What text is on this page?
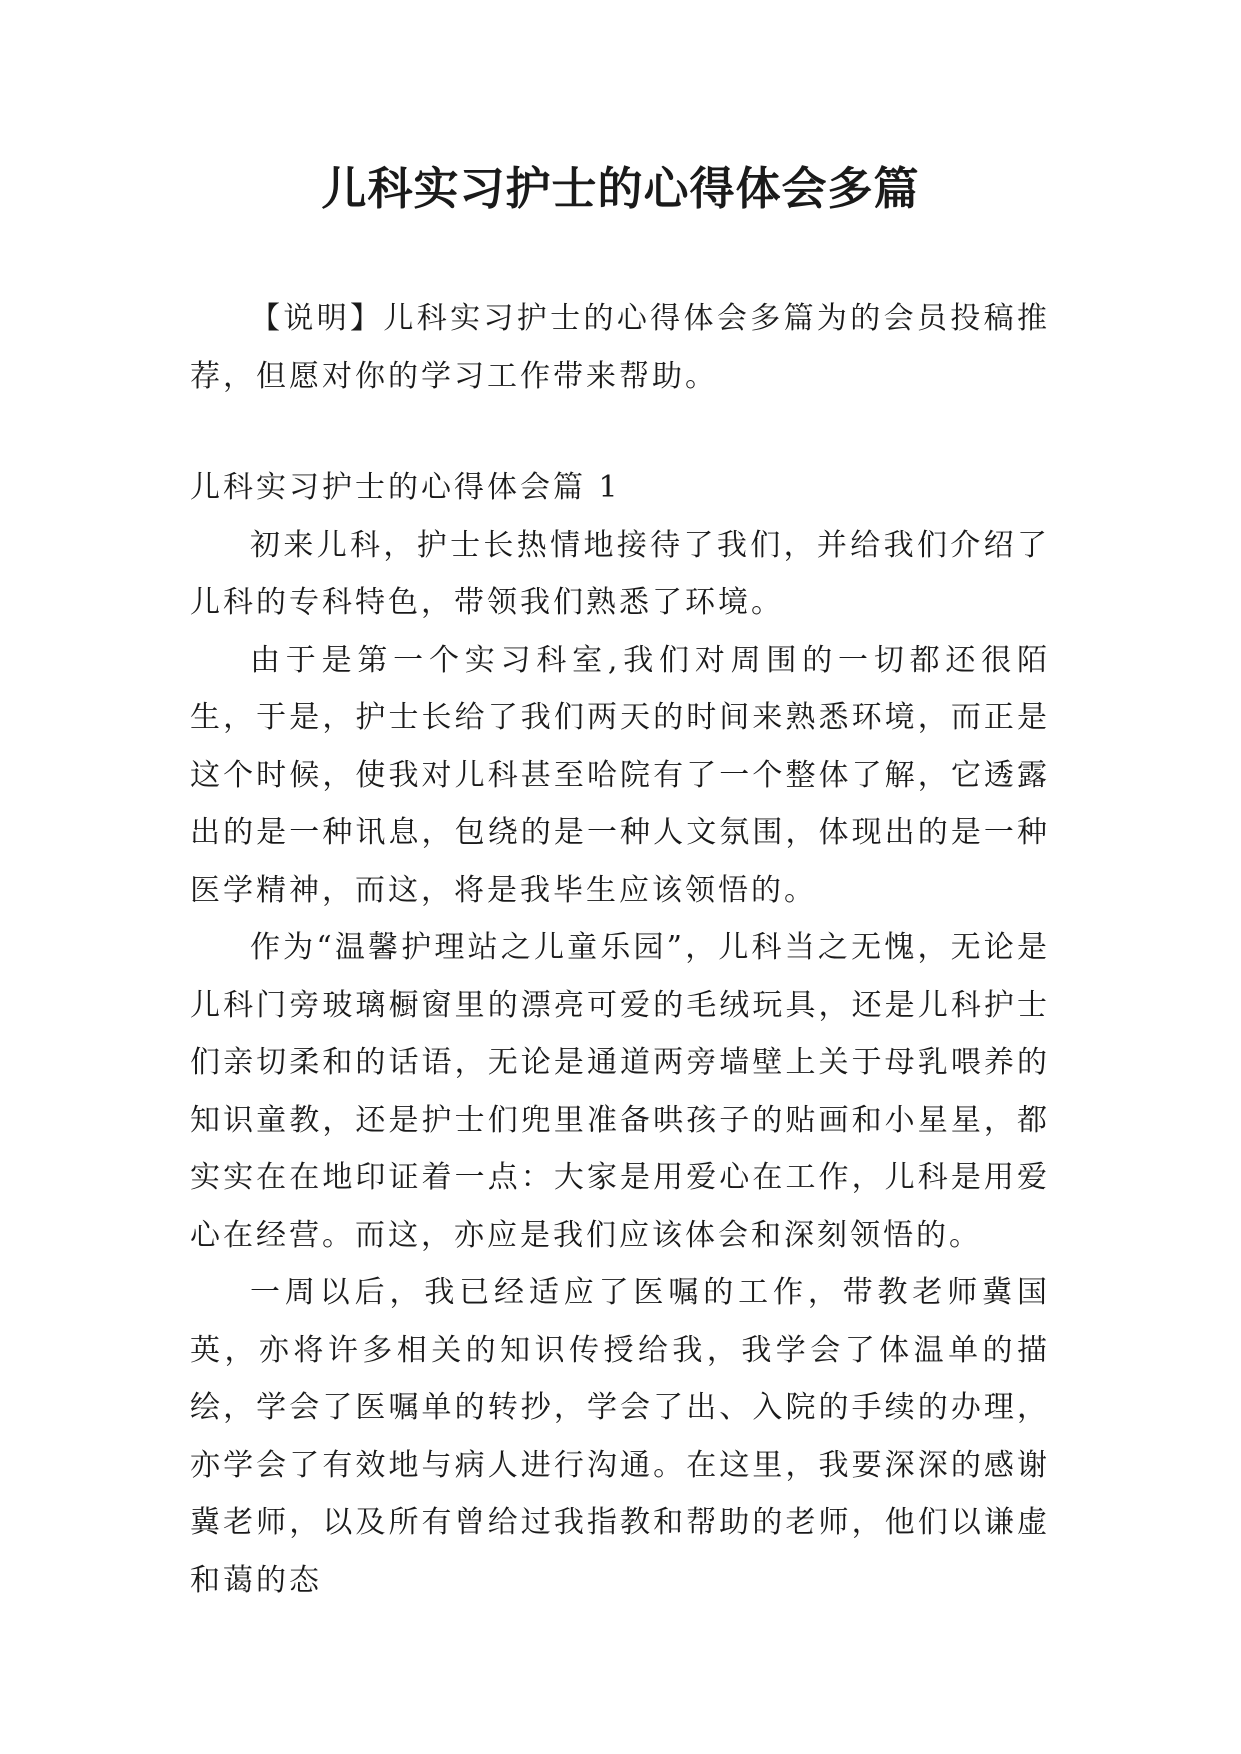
儿科实习护士的心得体会多篇

【说明】儿科实习护士的心得体会多篇为的会员投稿推荐，但愿对你的学习工作带来帮助。

儿科实习护士的心得体会篇 1

初来儿科，护士长热情地接待了我们，并给我们介绍了儿科的专科特色，带领我们熟悉了环境。

由于是第一个实习科室,我们对周围的一切都还很陌生，于是，护士长给了我们两天的时间来熟悉环境，而正是这个时候，使我对儿科甚至哈院有了一个整体了解，它透露出的是一种讯息，包绕的是一种人文氛围，体现出的是一种医学精神，而这，将是我毕生应该领悟的。

作为“温馨护理站之儿童乐园”，儿科当之无愧，无论是儿科门旁玻璃橱窗里的漂亮可爱的毛绒玩具，还是儿科护士们亲切柔和的话语，无论是通道两旁墙壁上关于母乳喂养的知识童教，还是护士们兜里准备哄孩子的贴画和小星星，都实实在在地印证着一点：大家是用爱心在工作，儿科是用爱心在经营。而这，亦应是我们应该体会和深刻领悟的。

一周以后，我已经适应了医嘱的工作，带教老师冀国英，亦将许多相关的知识传授给我，我学会了体温单的描绘，学会了医嘱单的转抄，学会了出、入院的手续的办理，亦学会了有效地与病人进行沟通。在这里，我要深深的感谢冀老师，以及所有曾给过我指教和帮助的老师，他们以谦虚和蔼的态
